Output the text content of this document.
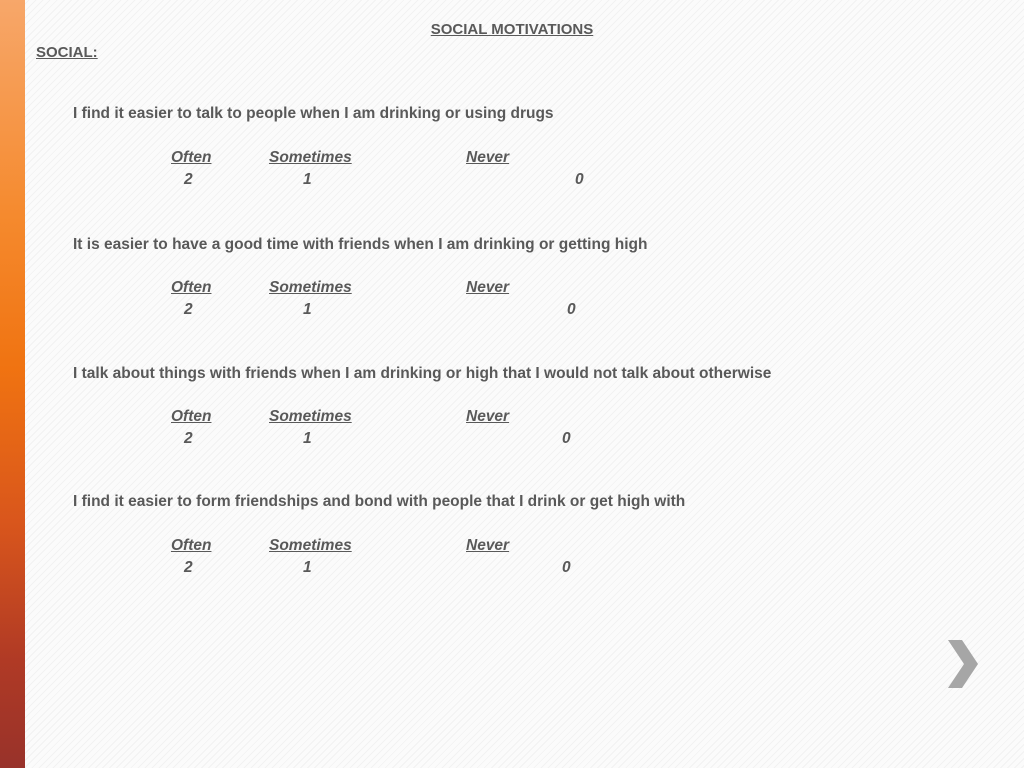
SOCIAL MOTIVATIONS
SOCIAL:
I find it easier to talk to people when I am drinking or using drugs
Often	Sometimes	Never
2	1	0
It is easier to have a good time with friends when I am drinking or getting high
Often	Sometimes	Never
2	1	0
I talk about things with friends when I am drinking or high that I would not talk about otherwise
Often	Sometimes	Never
2	1	0
I find it easier to form friendships and bond with people that I drink or get high with
Often	Sometimes	Never
2	1	0
